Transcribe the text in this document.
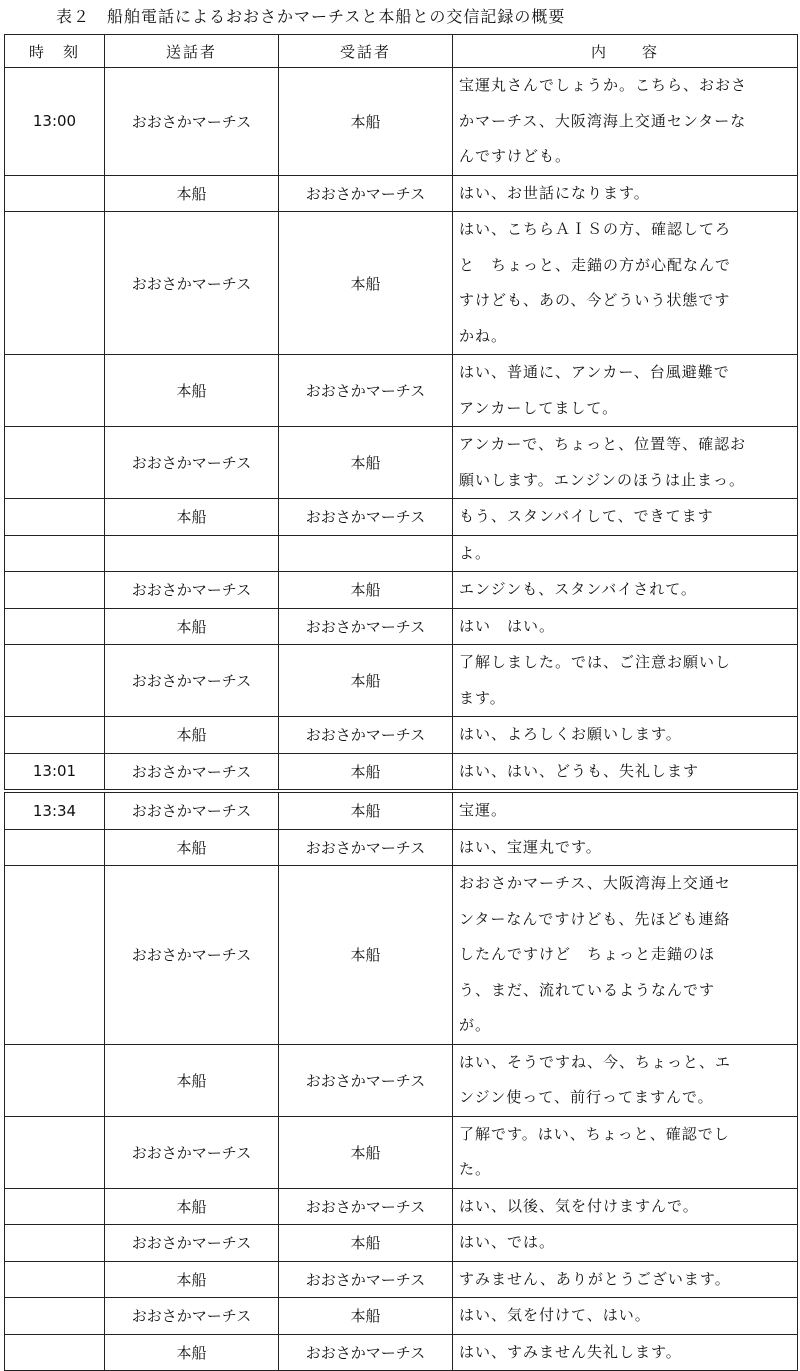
表２　船舶電話によるおおさかマーチスと本船との交信記録の概要
時　刻	送話者	受話者	内　　容
13:00	おおさかマーチス	本船	宝運丸さんでしょうか。こちら、おおさ
かマーチス、大阪湾海上交通センターな
んですけども。

	本船	おおさかマーチス	はい、お世話になります。

	おおさかマーチス	本船	はい、こちらＡＩＳの方、確認してろ
と　ちょっと、走錨の方が心配なんで
すけども、あの、今どういう状態です
かね。

	本船	おおさかマーチス	はい、普通に、アンカー、台風避難で
アンカーしてまして。

	おおさかマーチス	本船	アンカーで、ちょっと、位置等、確認お
願いします。エンジンのほうは止まっ。

	本船	おおさかマーチス	もう、スタンバイして、できてます

			よ。

	おおさかマーチス	本船	エンジンも、スタンバイされて。

	本船	おおさかマーチス	はい　はい。

	おおさかマーチス	本船	了解しました。では、ご注意お願いし
ます。

	本船	おおさかマーチス	はい、よろしくお願いします。

13:01	おおさかマーチス	本船	はい、はい、どうも、失礼します

13:34	おおさかマーチス	本船	宝運。

	本船	おおさかマーチス	はい、宝運丸です。

	おおさかマーチス	本船	おおさかマーチス、大阪湾海上交通セ
ンターなんですけども、先ほども連絡
したんですけど　ちょっと走錨のほ
う、まだ、流れているようなんです
が。

	本船	おおさかマーチス	はい、そうですね、今、ちょっと、エ
ンジン使って、前行ってますんで。

	おおさかマーチス	本船	了解です。はい、ちょっと、確認でし
た。

	本船	おおさかマーチス	はい、以後、気を付けますんで。

	おおさかマーチス	本船	はい、では。

	本船	おおさかマーチス	すみません、ありがとうございます。

	おおさかマーチス	本船	はい、気を付けて、はい。

	本船	おおさかマーチス	はい、すみません失礼します。
